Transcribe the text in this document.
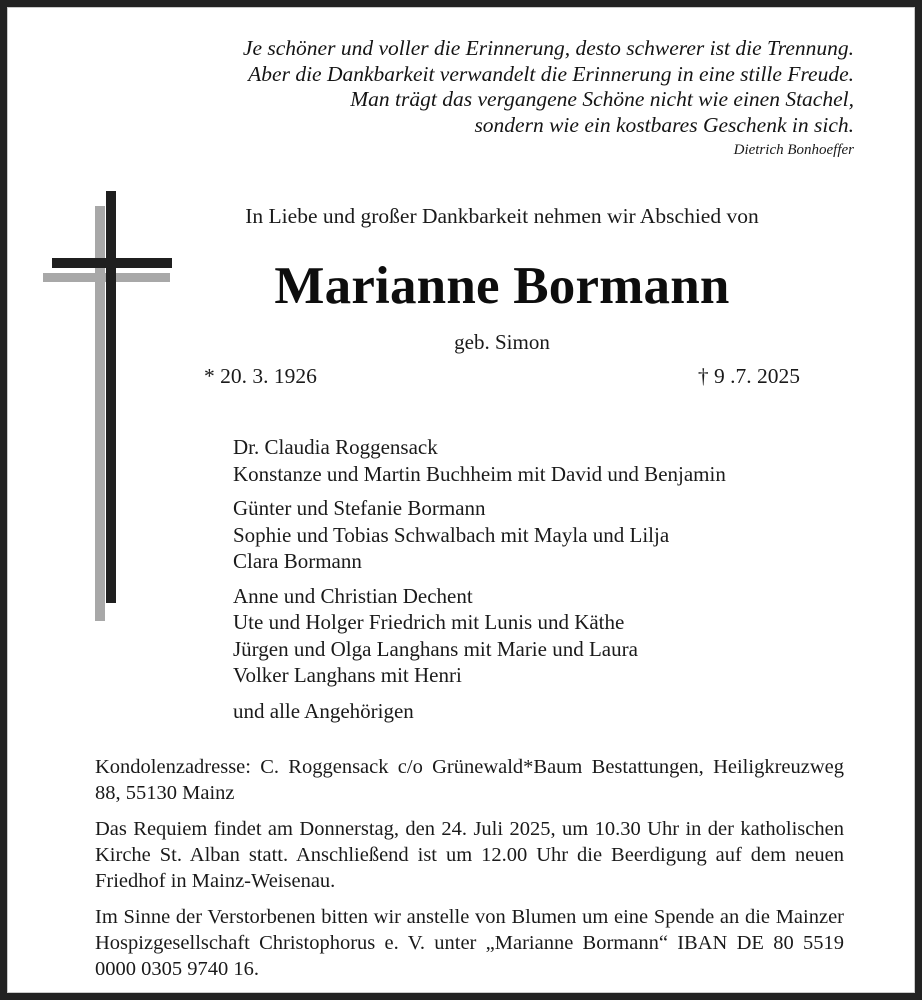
Je schöner und voller die Erinnerung, desto schwerer ist die Trennung.
Aber die Dankbarkeit verwandelt die Erinnerung in eine stille Freude.
Man trägt das vergangene Schöne nicht wie einen Stachel,
sondern wie ein kostbares Geschenk in sich.
Dietrich Bonhoeffer
In Liebe und großer Dankbarkeit nehmen wir Abschied von
Marianne Bormann
geb. Simon
* 20. 3. 1926	† 9 .7. 2025
Dr. Claudia Roggensack
Konstanze und Martin Buchheim mit David und Benjamin
Günter und Stefanie Bormann
Sophie und Tobias Schwalbach mit Mayla und Lilja
Clara Bormann
Anne und Christian Dechent
Ute und Holger Friedrich mit Lunis und Käthe
Jürgen und Olga Langhans mit Marie und Laura
Volker Langhans mit Henri
und alle Angehörigen

Kondolenzadresse: C. Roggensack c/o Grünewald*Baum Bestattungen, Heiligkreuzweg 88, 55130 Mainz

Das Requiem findet am Donnerstag, den 24. Juli 2025, um 10.30 Uhr in der katholischen Kirche St. Alban statt. Anschließend ist um 12.00 Uhr die Beerdigung auf dem neuen Friedhof in Mainz-Weisenau.

Im Sinne der Verstorbenen bitten wir anstelle von Blumen um eine Spende an die Mainzer Hospizgesellschaft Christophorus e. V. unter „Marianne Bormann“ IBAN DE 80 5519 0000 0305 9740 16.
